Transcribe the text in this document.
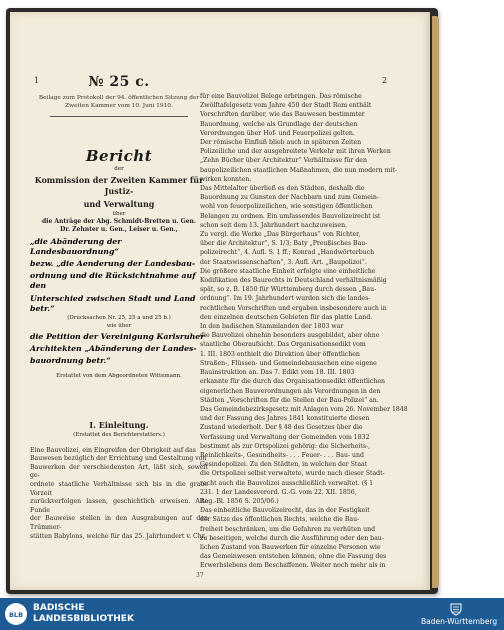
1	2
№ 25 c.
Beilage zum Protokoll der 94. öffentlichen Sitzung der
Zweiten Kammer vom 10. Juni 1910.
Bericht
der
Kommission der Zweiten Kammer für Justiz-
und Verwaltung
über
die Anträge der Abg. Schmidt-Bretten u. Gen.
Dr. Zehnter u. Gen., Leiser u. Gen.,
„die Abänderung der Landesbauordnung“
bezw. „die Aenderung der Landesbau-
ordnung und die Rücksichtnahme auf den
Unterschied zwischen Stadt und Land betr.“
(Drucksachen Nr. 25, 25 a und 25 b.)
wie über
die Petition der Vereinigung Karlsruher
Architekten „Abänderung der Landes-
bauordnung betr.“
Erstattet von dem Abgeordneten Wittemann.
I. Einleitung.
(Erstattet des Berichterstatters.)
Eine Bauvolizei, ein Eingreifen der Obrigkeit auf das
Bauwesen bezüglich der Errichtung und Gestaltung von
Bauwerken der verschiedensten Art, läßt sich, soweit ge-
ordnete staatliche Verhältnisse sich bis in die graue Vorzeit
zurückverfolgen lassen, geschichtlich erweisen. Alte Funde
der Bauweise stellen in den Ausgrabungen auf den Trümmer-
stätten Babylons, welche für das 25. Jahrhundert v. Chr.

für eine Bauvolizei Belege erbringen. Das römische

Zwölftafelgesetz vom Jahre 450 der Stadt Rom enthält

Vorschriften darüber, wie das Bauwesen bestimmter

Bauordnung, welche als Grundlage der deutschen

Verordnungen über Hof- und Feuerpolizei gelten.

Der römische Einfluß blieb auch in späteren Zeiten

Polizeiliche und der ausgebreitete Verkehr mit ihren Werken

„Zehn Bücher über Architektur“ Verhältnisse für den

baupolizeilichen staatlichen Maßnahmen, die nun modern mit-

wirken konnten.

Das Mittelalter überließ es den Städten, deshalb die

Bauordnung zu Gunsten der Nachbarn und zum Gemein-

wohl von feuerpolizeilichen, wie sonstigen öffentlichen

Belangen zu ordnen. Ein umfassendes Bauvolizeirecht ist

schon seit dem 13. Jahrhundert nachzuweisen.

Zu vergl. die Werke „Das Bürgerhaus“ von Richter,

über die Architektur“, S. 1/3; Baty „Preußisches Bau-

polizeirecht“, 4. Aufl. S. 1 ff.; Konrad „Handwörterbuch

der Staatswissenschaften“, 3. Aufl. Art. „Baupolizei“.

Die größere staatliche Einheit erfolgte eine einheitliche

Kodifikation des Baurechts in Deutschland verhältnismäßig

spät, so z. B. 1850 für Württemberg durch dessen „Bau-

ordnung“. Im 19. Jahrhundert wurden sich die landes-

rechtlichen Vorschriften und ergaben insbesondere auch in

den einzelnen deutschen Gebieten für das platte Land.

In den badischen Stammlanden der 1803 war

die Bauvolizei ohnehin besonders ausgebildet, aber ohne

staatliche Oberaufsicht. Das Organisationsedikt vom

1. III. 1803 enthielt die Direktion über öffentlichen

Straßen-, Flüssen- und Gemeindebausachen eine eigene

Bauinstruktion an. Das 7. Edikt vom 18. III. 1803

erkannte für die durch das Organisationsedikt öffentlichen

eigenerlichen Bauverordnungen als Verordnungen in den

Städten „Vorschriften für die Stellen der Bau-Polizei“ an.

Das Gemeindebezirksgesetz mit Anlagen vom 26. November 1848

und der Fassung des Jahres 1841 konstituierte diesen

Zustand wiederholt. Der § 48 des Gesetzes über die

Verfassung und Verwaltung der Gemeinden vom 1832

bestimmt als zur Ortspolizei gehörig: die Sicherheits-,

Reinlichkeits-, Gesundheits- . . . Feuer- . . . Bau- und

Gesindepolizei. Zu den Städten, in welchen der Staat

die Ortspolizei selbst verwaltete, wurde nach dieser Stadt-

recht auch die Bauvolizei ausschließlich verwaltet. (§ 1

231. 1 der Landesverord. G.-G. vom 22. XII. 1856,

Reg.-Bl. 1856 S. 205/06.)

Das einheitliche Bauvolizeirecht, das in der Festigkeit

der Sätze des öffentlichen Rechts, welche die Bau-

freiheit beschränken, um die Gefahren zu verhüten und

zu beseitigen, welche durch die Ausführung oder den bau-

lichen Zustand von Bauwerken für einzelne Personen wie

das Gemeinwesen entstehen können, ohne die Fassung des

Erwerbslebens dem Beschaffenen. Weiter noch mehr als in

37
BLB
BADISCHE
LANDESBIBLIOTHEK	Baden-Württemberg
